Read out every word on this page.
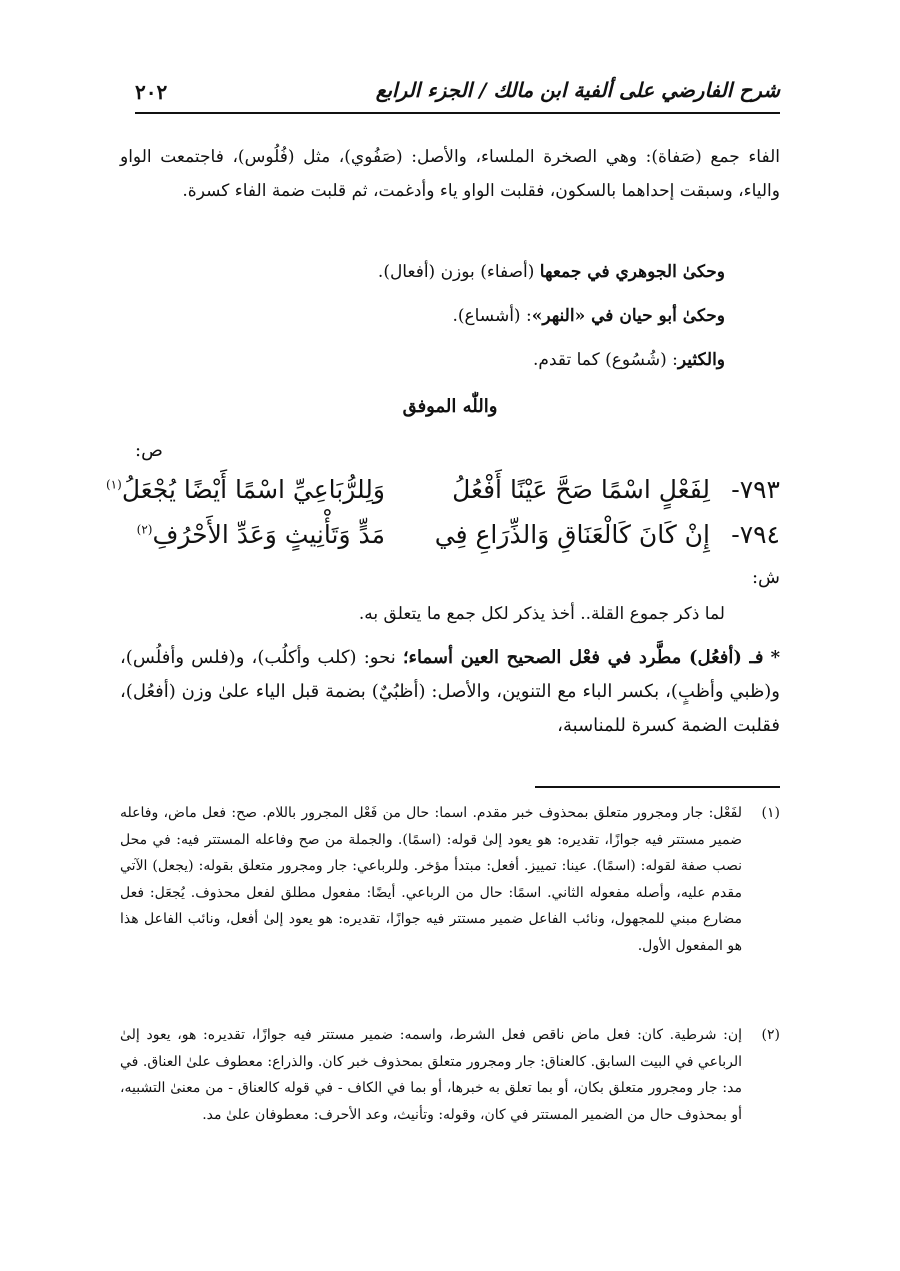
٢٠٢	شرح الفارضي على ألفية ابن مالك / الجزء الرابع
الفاء جمع (صَفاة): وهي الصخرة الملساء، والأصل: (صَفُوي)، مثل (فُلُوس)، فاجتمعت الواو والياء، وسبقت إحداهما بالسكون، فقلبت الواو ياء وأدغمت، ثم قلبت ضمة الفاء كسرة.
وحكىٰ الجوهري في جمعها (أصفاء) بوزن (أفعال).
وحكىٰ أبو حيان في «النهر»: (أشساع).
والكثير: (شُسُوع) كما تقدم.
واللّٰه الموفق
ص:
٧٩٣-
لِفَعْلٍ اسْمًا صَحَّ عَيْنًا أَفْعُلُ
وَلِلرُّبَاعِيِّ اسْمًا أَيْضًا يُجْعَلُ$^{(١)}$
٧٩٤-
إِنْ كَانَ كَالْعَنَاقِ وَالذِّرَاعِ فِي
مَدٍّ وَتَأْنِيثٍ وَعَدِّ الأَحْرُفِ$^{(٢)}$
ش:
لما ذكر جموع القلة.. أخذ يذكر لكل جمع ما يتعلق به.
* فـ (أفعُل) مطَّرد في فعْل الصحيح العين أسماء؛ نحو: (كلب وأكلُب)، و(فلس وأفلُس)، و(ظبي وأظبٍ)، بكسر الباء مع التنوين، والأصل: (أظبُيٌ) بضمة قبل الياء علىٰ وزن (أفعُل)، فقلبت الضمة كسرة للمناسبة،
(١)
لفَعْل: جار ومجرور متعلق بمحذوف خبر مقدم. اسما: حال من فَعْل المجرور باللام. صح: فعل ماض، وفاعله ضمير مستتر فيه جوازًا، تقديره: هو يعود إلىٰ قوله: (اسمًا). والجملة من صح وفاعله المستتر فيه: في محل نصب صفة لقوله: (اسمًا). عينا: تمييز. أفعل: مبتدأ مؤخر. وللرباعي: جار ومجرور متعلق بقوله: (يجعل) الآتي مقدم عليه، وأصله مفعوله الثاني. اسمًا: حال من الرباعي. أيضًا: مفعول مطلق لفعل محذوف. يُجعَل: فعل مضارع مبني للمجهول، ونائب الفاعل ضمير مستتر فيه جوازًا، تقديره: هو يعود إلىٰ أفعل، ونائب الفاعل هذا هو المفعول الأول.
(٢)
إن: شرطية. كان: فعل ماض ناقص فعل الشرط، واسمه: ضمير مستتر فيه جوازًا، تقديره: هو، يعود إلىٰ الرباعي في البيت السابق. كالعناق: جار ومجرور متعلق بمحذوف خبر كان. والذراع: معطوف علىٰ العناق. في مد: جار ومجرور متعلق بكان، أو بما تعلق به خبرها، أو بما في الكاف - في قوله كالعناق - من معنىٰ التشبيه، أو بمحذوف حال من الضمير المستتر في كان، وقوله: وتأنيث، وعد الأحرف: معطوفان علىٰ مد.
